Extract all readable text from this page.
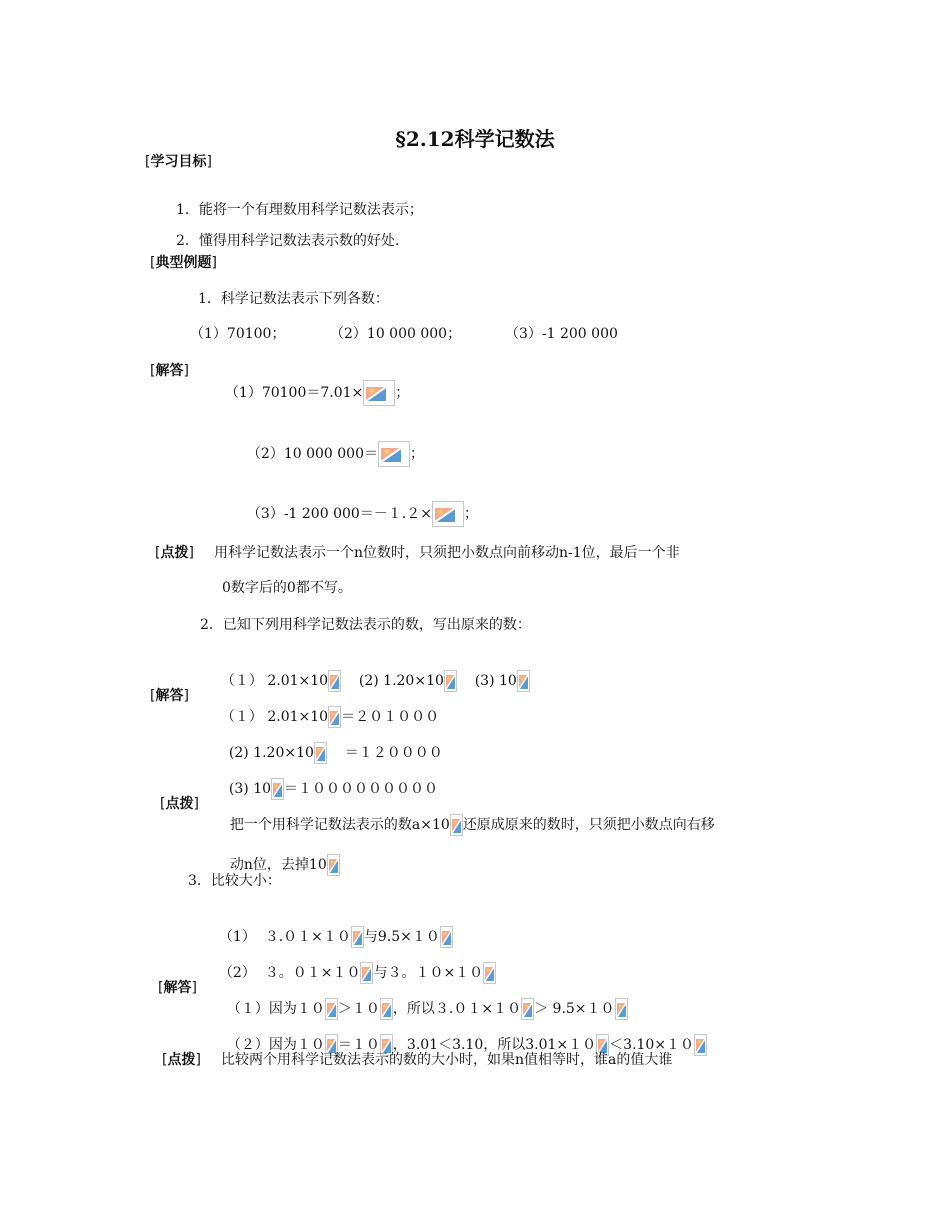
§2.12科学记数法
[学习目标]
1．能将一个有理数用科学记数法表示；
2．懂得用科学记数法表示数的好处.
[典型例题]
1．科学记数法表示下列各数：
（1）70100；	（2）10 000 000；	（3）-1 200 000
[解答]

（1）70100＝7.01× ；

（2）10 000 000＝ ；

（3）-1 200 000＝－１.２× ；

[点拨] 用科学记数法表示一个n位数时，只须把小数点向前移动n-1位，最后一个非
0数字后的0都不写。
2．已知下列用科学记数法表示的数，写出原来的数：

（１） 2.01×10 (2) 1.20×10 (3) 10

[解答]

（１） 2.01×10 ＝２０１０００

(2) 1.20×10 ＝１２００００

(3) 10 ＝１０００００００００

[点拨]

把一个用科学记数法表示的数a×10 还原成原来的数时，只须把小数点向右移

动n位，去掉10

3．比较大小：

（1）  ３.０１×１０ 与9.5×１０

（2）  ３。０１×１０ 与３。１０×１０

[解答]

（１）因为１０ ＞１０ ，所以３.０１×１０ ＞ 9.5×１０

（２）因为１０ ＝１０ ，3.01＜3.10，所以3.01×１０ ＜3.10×１０

[点拨] 比较两个用科学记数法表示的数的大小时，如果n值相等时，谁a的值大谁
